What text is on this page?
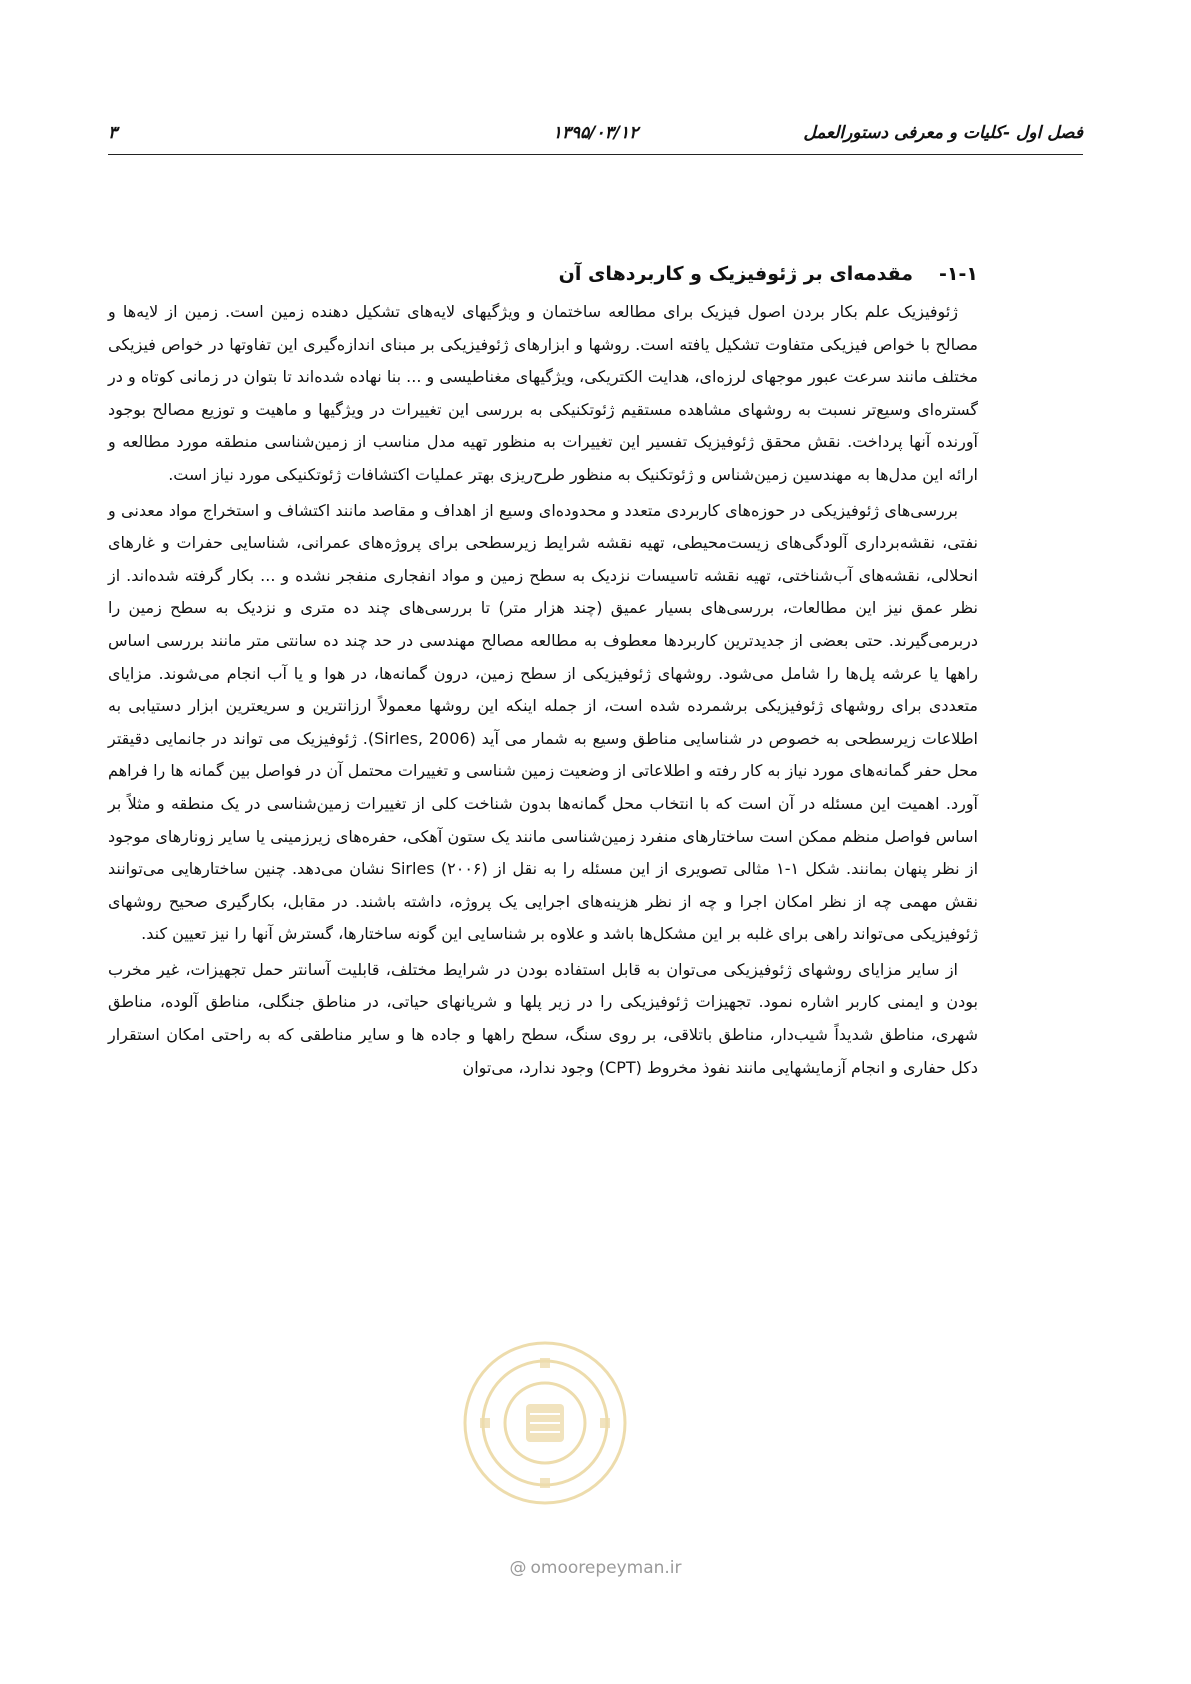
فصل اول -کلیات و معرفی دستورالعمل
۱۳۹۵/۰۳/۱۲
۳
۱-۱-مقدمه‌ای بر ژئوفیزیک و کاربردهای آن

ژئوفیزیک علم بکار بردن اصول فیزیک برای مطالعه ساختمان و ویژگیهای لایه‌های تشکیل دهنده زمین است. زمین از لایه‌ها و مصالح با خواص فیزیکی متفاوت تشکیل یافته است. روشها و ابزارهای ژئوفیزیکی بر مبنای اندازه‌گیری این تفاوتها در خواص فیزیکی مختلف مانند سرعت عبور موجهای لرزه‌ای، هدایت الکتریکی، ویژگیهای مغناطیسی و ... بنا نهاده شده‌اند تا بتوان در زمانی کوتاه و در گستره‌ای وسیع‌تر نسبت به روشهای مشاهده مستقیم ژئوتکنیکی به بررسی این تغییرات در ویژگیها و ماهیت و توزیع مصالح بوجود آورنده آنها پرداخت. نقش محقق ژئوفیزیک تفسیر این تغییرات به منظور تهیه مدل مناسب از زمین‌شناسی منطقه مورد مطالعه و ارائه این مدل‌ها به مهندسین زمین‌شناس و ژئوتکنیک به منظور طرح‌ریزی بهتر عملیات اکتشافات ژئوتکنیکی مورد نیاز است.

بررسی‌های ژئوفیزیکی در حوزه‌های کاربردی متعدد و محدوده‌ای وسیع از اهداف و مقاصد مانند اکتشاف و استخراج مواد معدنی و نفتی، نقشه‌برداری آلودگی‌های زیست‌محیطی، تهیه نقشه شرایط زیرسطحی برای پروژه‌های عمرانی، شناسایی حفرات و غارهای انحلالی، نقشه‌های آب‌شناختی، تهیه نقشه تاسیسات نزدیک به سطح زمین و مواد انفجاری منفجر نشده و ... بکار گرفته شده‌اند. از نظر عمق نیز این مطالعات، بررسی‌های بسیار عمیق (چند هزار متر) تا بررسی‌های چند ده متری و نزدیک به سطح زمین را دربرمی‌گیرند. حتی بعضی از جدیدترین کاربردها معطوف به مطالعه مصالح مهندسی در حد چند ده سانتی متر مانند بررسی اساس راهها یا عرشه پل‌ها را شامل می‌شود. روشهای ژئوفیزیکی از سطح زمین، درون گمانه‌ها، در هوا و یا آب انجام می‌شوند. مزایای متعددی برای روشهای ژئوفیزیکی برشمرده شده است، از جمله اینکه این روشها معمولاً ارزانترین و سریعترین ابزار دستیابی به اطلاعات زیرسطحی به خصوص در شناسایی مناطق وسیع به شمار می آید (Sirles, 2006). ژئوفیزیک می تواند در جانمایی دقیقتر محل حفر گمانه‌های مورد نیاز به کار رفته و اطلاعاتی از وضعیت زمین شناسی و تغییرات محتمل آن در فواصل بین گمانه ها را فراهم آورد. اهمیت این مسئله در آن است که با انتخاب محل گمانه‌ها بدون شناخت کلی از تغییرات زمین‌شناسی در یک منطقه و مثلاً بر اساس فواصل منظم ممکن است ساختارهای منفرد زمین‌شناسی مانند یک ستون آهکی، حفره‌های زیرزمینی یا سایر زونارهای موجود از نظر پنهان بمانند. شکل ۱-۱ مثالی تصویری از این مسئله را به نقل از Sirles (۲۰۰۶) نشان می‌دهد. چنین ساختارهایی می‌توانند نقش مهمی چه از نظر امکان اجرا و چه از نظر هزینه‌های اجرایی یک پروژه، داشته باشند. در مقابل، بکارگیری صحیح روشهای ژئوفیزیکی می‌تواند راهی برای غلبه بر این مشکل‌ها باشد و علاوه بر شناسایی این گونه ساختارها، گسترش آنها را نیز تعیین کند.

از سایر مزایای روشهای ژئوفیزیکی می‌توان به قابل استفاده بودن در شرایط مختلف، قابلیت آسانتر حمل تجهیزات، غیر مخرب بودن و ایمنی کاربر اشاره نمود. تجهیزات ژئوفیزیکی را در زیر پلها و شریانهای حیاتی، در مناطق جنگلی، مناطق آلوده، مناطق شهری، مناطق شدیداً شیب‌دار، مناطق باتلاقی، بر روی سنگ، سطح راهها و جاده ها و سایر مناطقی که به راحتی امکان استقرار دکل حفاری و انجام آزمایشهایی مانند نفوذ مخروط (CPT) وجود ندارد، می‌توان

@ omoorepeyman.ir
